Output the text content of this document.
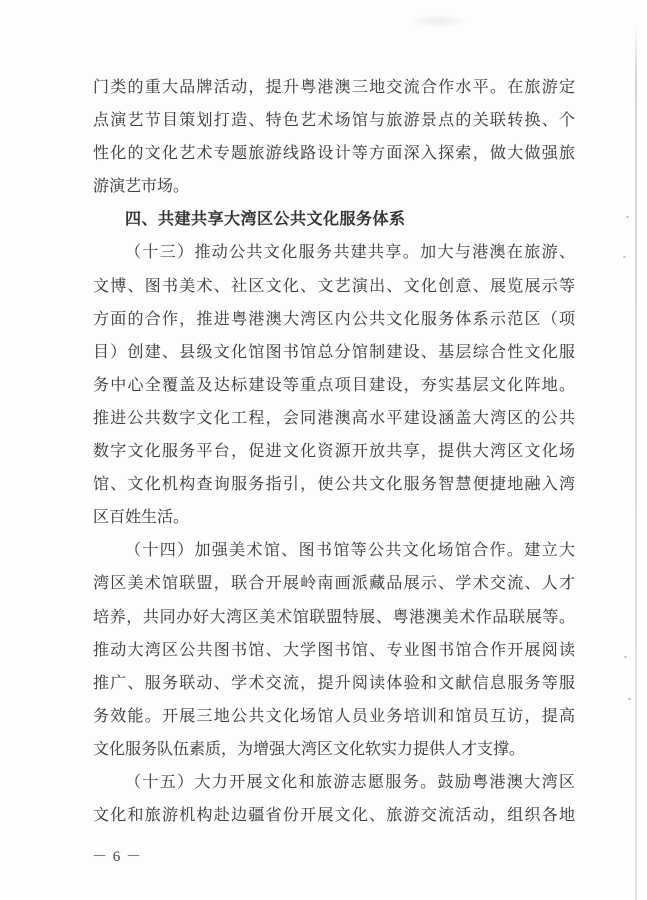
门类的重大品牌活动，提升粤港澳三地交流合作水平。在旅游定
点演艺节目策划打造、特色艺术场馆与旅游景点的关联转换、个
性化的文化艺术专题旅游线路设计等方面深入探索，做大做强旅
游演艺市场。
四、共建共享大湾区公共文化服务体系
（十三）推动公共文化服务共建共享。加大与港澳在旅游、
文博、图书美术、社区文化、文艺演出、文化创意、展览展示等
方面的合作，推进粤港澳大湾区内公共文化服务体系示范区（项
目）创建、县级文化馆图书馆总分馆制建设、基层综合性文化服
务中心全覆盖及达标建设等重点项目建设，夯实基层文化阵地。
推进公共数字文化工程，会同港澳高水平建设涵盖大湾区的公共
数字文化服务平台，促进文化资源开放共享，提供大湾区文化场
馆、文化机构查询服务指引，使公共文化服务智慧便捷地融入湾
区百姓生活。
（十四）加强美术馆、图书馆等公共文化场馆合作。建立大
湾区美术馆联盟，联合开展岭南画派藏品展示、学术交流、人才
培养，共同办好大湾区美术馆联盟特展、粤港澳美术作品联展等。
推动大湾区公共图书馆、大学图书馆、专业图书馆合作开展阅读
推广、服务联动、学术交流，提升阅读体验和文献信息服务等服
务效能。开展三地公共文化场馆人员业务培训和馆员互访，提高
文化服务队伍素质，为增强大湾区文化软实力提供人才支撑。
（十五）大力开展文化和旅游志愿服务。鼓励粤港澳大湾区
文化和旅游机构赴边疆省份开展文化、旅游交流活动，组织各地
－ 6 －
